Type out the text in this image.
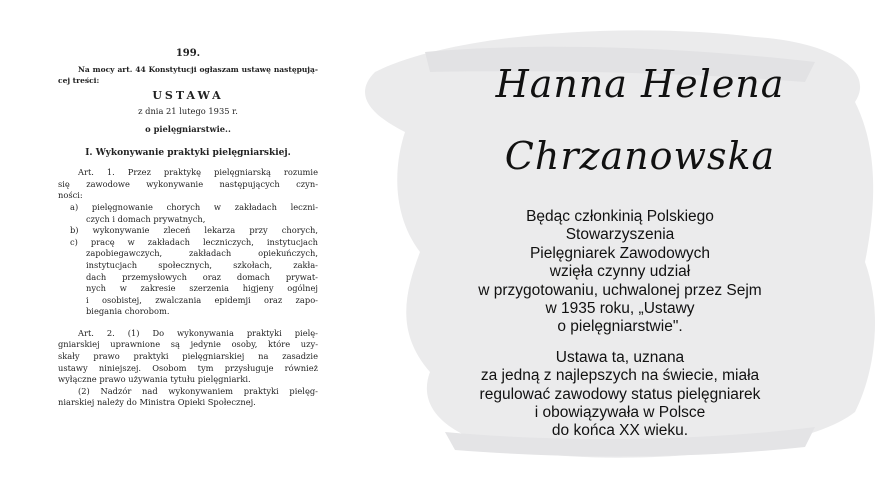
199.
Na mocy art. 44 Konstytucji ogłaszam ustawę następują-
cej treści:
USTAWA
z dnia 21 lutego 1935 r.
o pielęgniarstwie..
I. Wykonywanie praktyki pielęgniarskiej.
Art. 1. Przez praktykę pielęgniarską rozumie
się zawodowe wykonywanie następujących czyn-
ności:
a) pielęgnowanie chorych w zakładach leczni-
czych i domach prywatnych,
b) wykonywanie zleceń lekarza przy chorych,
c) pracę w zakładach leczniczych, instytucjach
zapobiegawczych, zakładach opiekuńczych,
instytucjach społecznych, szkołach, zakła-
dach przemysłowych oraz domach prywat-
nych w zakresie szerzenia higjeny ogólnej
i osobistej, zwalczania epidemji oraz zapo-
biegania chorobom.
Art. 2. (1) Do wykonywania praktyki pielę-
gniarskiej uprawnione są jedynie osoby, które uzy-
skały prawo praktyki pielęgniarskiej na zasadzie
ustawy niniejszej. Osobom tym przysługuje również
wyłączne prawo używania tytułu pielęgniarki.
(2) Nadzór nad wykonywaniem praktyki pielęg-
niarskiej należy do Ministra Opieki Społecznej.
Hanna Helena
Chrzanowska

Będąc członkinią Polskiego Stowarzyszenia
Pielęgniarek Zawodowych
wzięła czynny udział
w przygotowaniu, uchwalonej przez Sejm
w 1935 roku, „Ustawy
o pielęgniarstwie".

Ustawa ta, uznana
za jedną z najlepszych na świecie, miała
regulować zawodowy status pielęgniarek
i obowiązywała w Polsce
do końca XX wieku.
